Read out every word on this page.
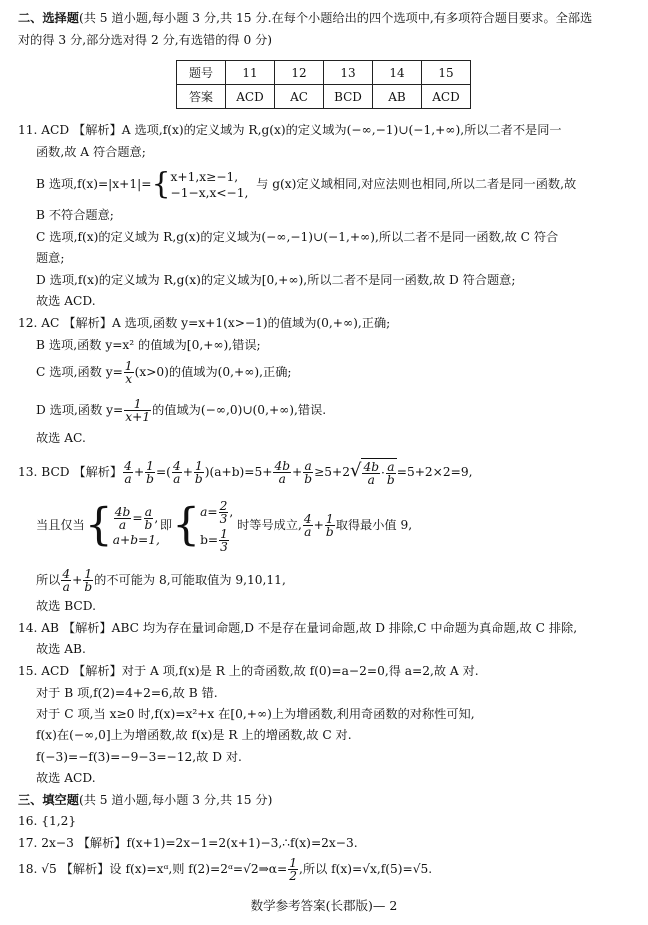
二、选择题(共 5 道小题,每小题 3 分,共 15 分.在每个小题给出的四个选项中,有多项符合题目要求。全部选
对的得 3 分,部分选对得 2 分,有选错的得 0 分)
题号	11	12	13	14	15
答案	ACD	AC	BCD	AB	ACD
11. ACD 【解析】A 选项,f(x)的定义域为 R,g(x)的定义域为(−∞,−1)∪(−1,+∞),所以二者不是同一
函数,故 A 符合题意;
B 选项,f(x)=|x+1|={ x+1,x≥−1,
−1−x,x<−1,
与 g(x)定义域相同,对应法则也相同,所以二者是同一函数,故
B 不符合题意;
C 选项,f(x)的定义域为 R,g(x)的定义域为(−∞,−1)∪(−1,+∞),所以二者不是同一函数,故 C 符合
题意;
D 选项,f(x)的定义域为 R,g(x)的定义域为[0,+∞),所以二者不是同一函数,故 D 符合题意;
故选 ACD.
12. AC 【解析】A 选项,函数 y=x+1(x>−1)的值域为(0,+∞),正确;
B 选项,函数 y=x² 的值域为[0,+∞),错误;
C 选项,函数 $y= \frac{1}{x} (x>0)$的值域为(0,+∞),正确;
D 选项,函数 $y= \frac{1}{x+1}$ 的值域为(−∞,0)∪(0,+∞),错误.
故选 AC.
13. BCD 【解析】 $\frac{4}{a} + \frac{1}{b}$ =( $\frac{4}{a} + \frac{1}{b} )(a+b)=5+ \frac{4b}{a} + \frac{a}{b} \ge 5+2√ \frac{4b}{a} \cdot \frac{a}{b} =5+2\times 2=9$,
当且仅当{ $\frac{4b}{a} = \frac{a}{b}$ ,
a+b=1,
即{ $a= \frac{2}{3}$ ,
$b= \frac{1}{3}$
时等号成立, $\frac{4}{a} + \frac{1}{b}$ 取得最小值 9,
所以 $\frac{4}{a} + \frac{1}{b}$ 的不可能为 8,可能取值为 9,10,11,
故选 BCD.
14. AB 【解析】ABC 均为存在量词命题,D 不是存在量词命题,故 D 排除,C 中命题为真命题,故 C 排除,
故选 AB.
15. ACD 【解析】对于 A 项,f(x)是 R 上的奇函数,故 f(0)=a−2=0,得 a=2,故 A 对.
对于 B 项,f(2)=4+2=6,故 B 错.
对于 C 项,当 x≥0 时,f(x)=x²+x 在[0,+∞)上为增函数,利用奇函数的对称性可知,
f(x)在(−∞,0]上为增函数,故 f(x)是 R 上的增函数,故 C 对.
f(−3)=−f(3)=−9−3=−12,故 D 对.
故选 ACD.
三、填空题(共 5 道小题,每小题 3 分,共 15 分)
16. {1,2}
17. 2x−3 【解析】f(x+1)=2x−1=2(x+1)−3,∴f(x)=2x−3.
18. √5 【解析】设 f(x)=xᵅ,则 f(2)=2ᵅ=√2⇒α= $\frac{1}{2}$ ,所以 f(x)=√x,f(5)=√5.
数学参考答案(长郡版)— 2
